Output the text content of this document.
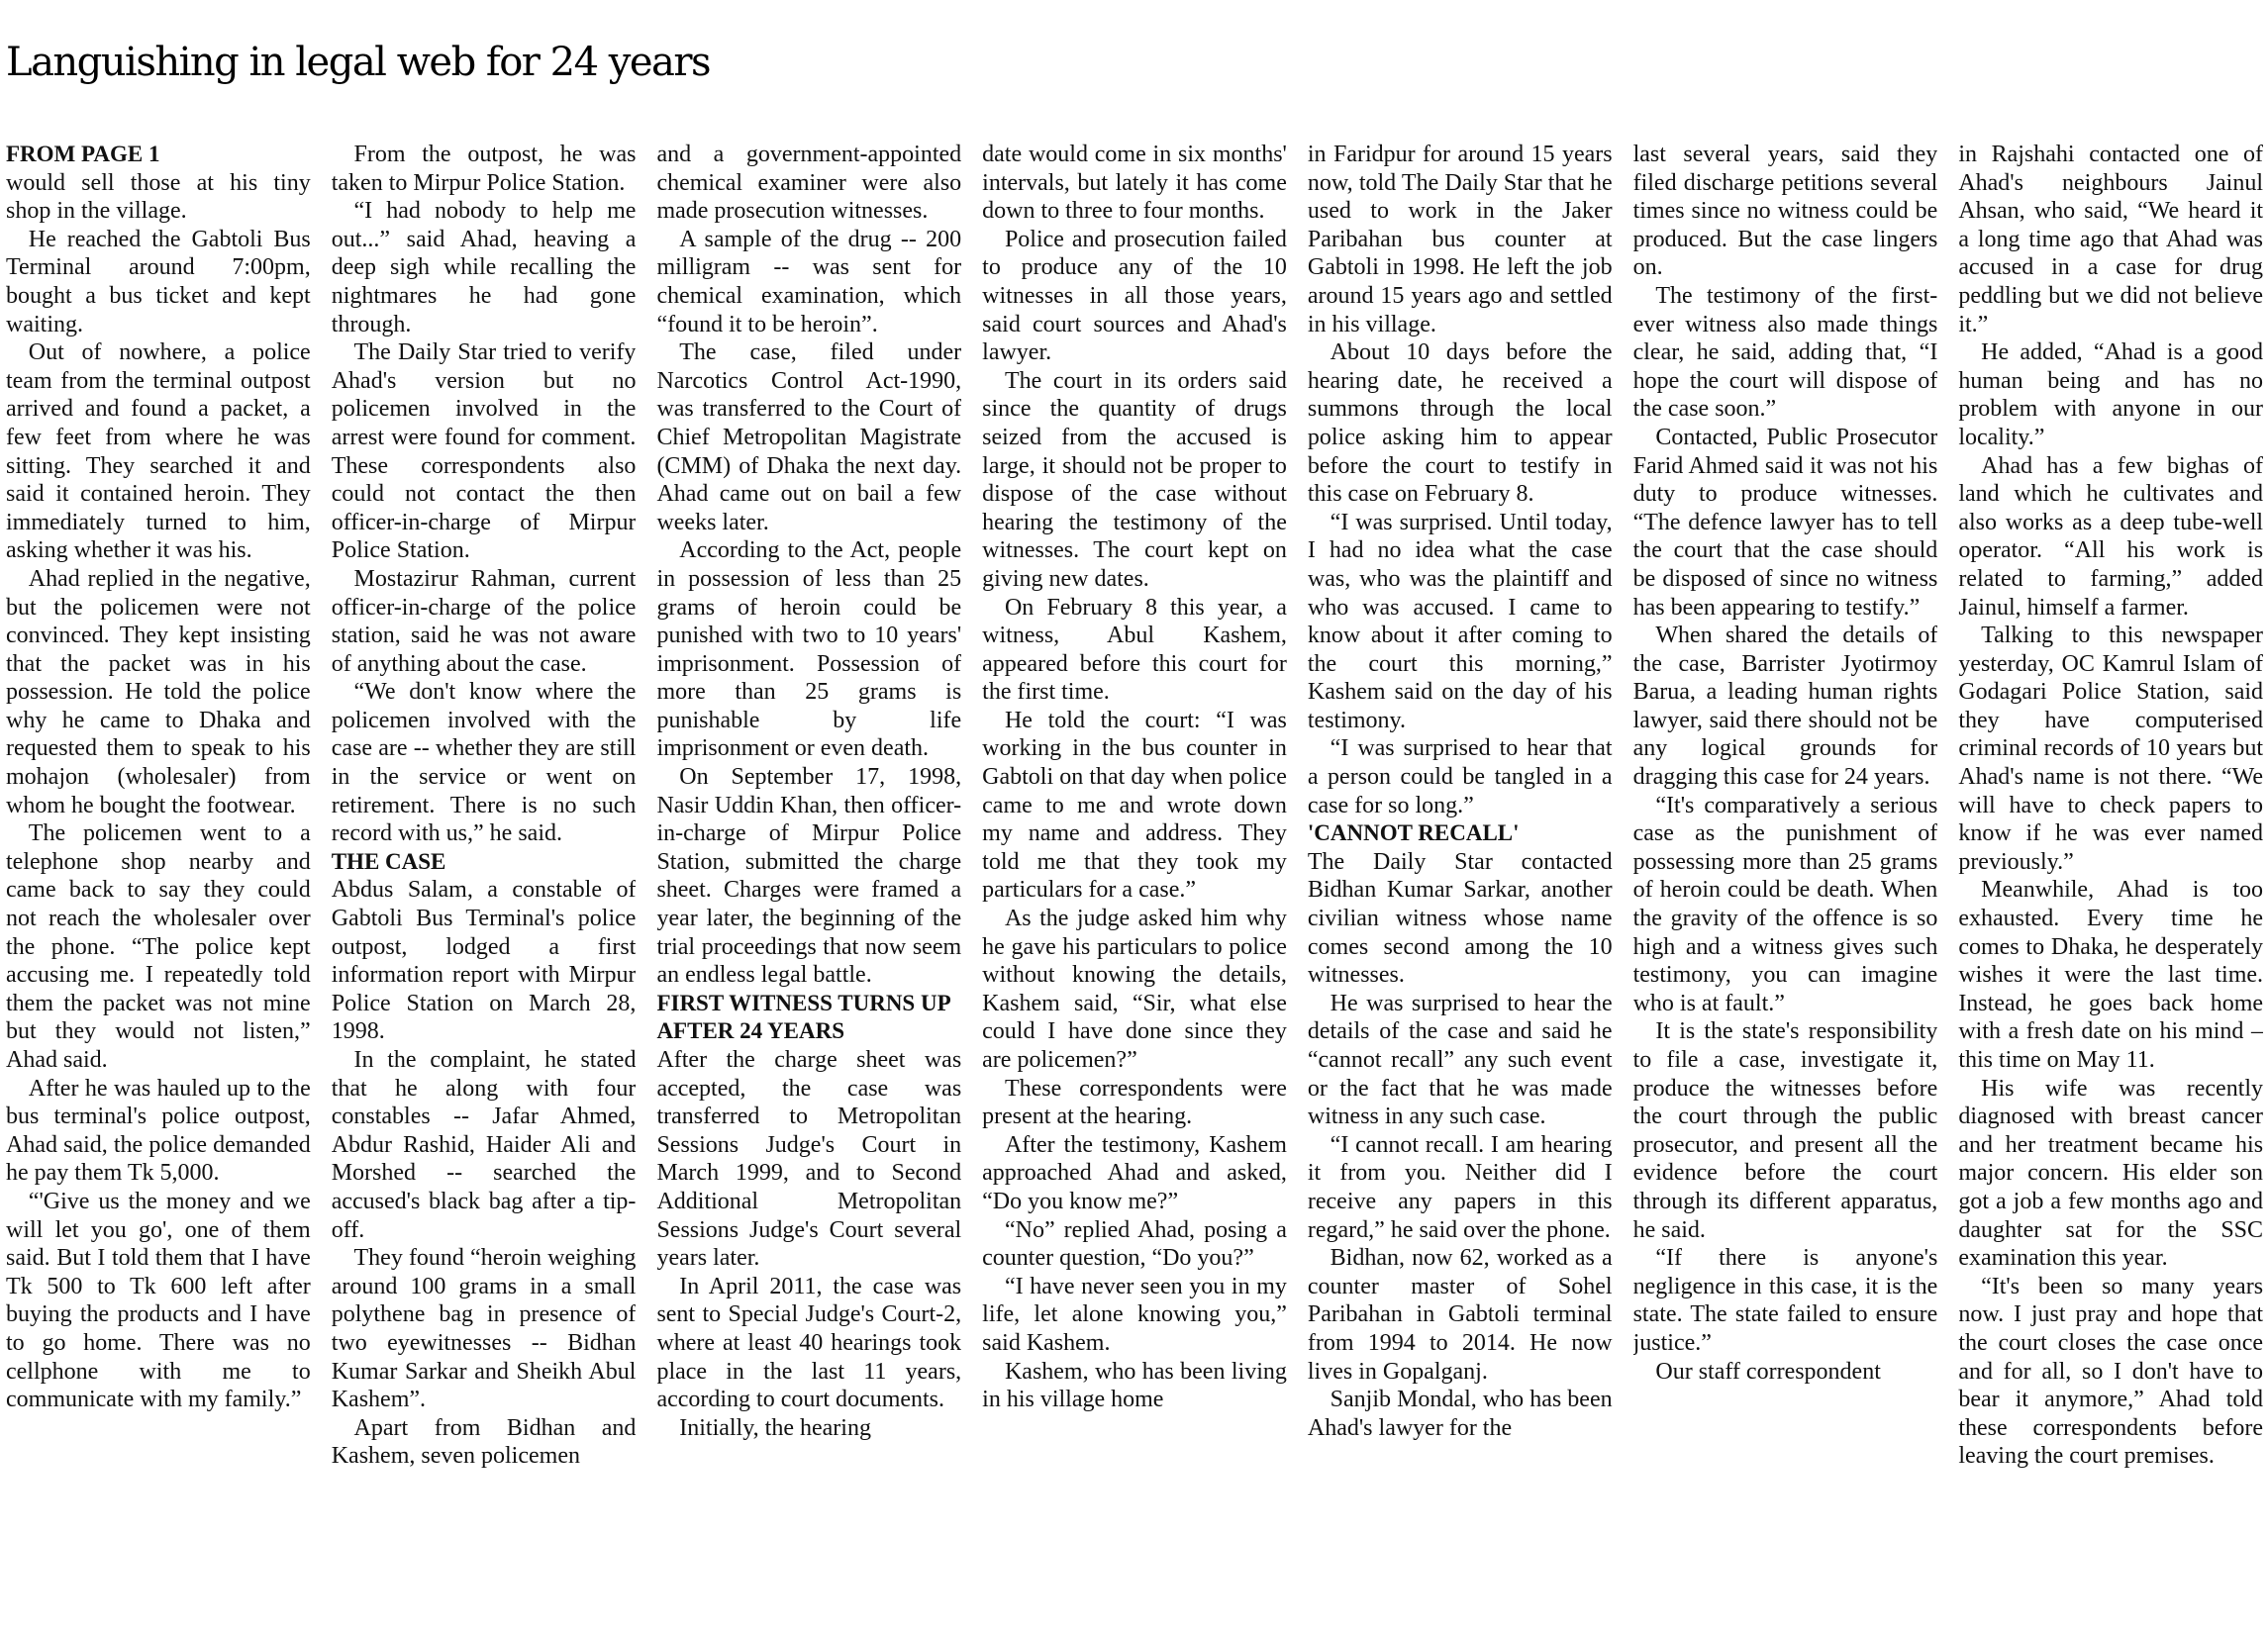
Languishing in legal web for 24 years
FROM PAGE 1

would sell those at his tiny shop in the village.

He reached the Gabtoli Bus Terminal around 7:00pm, bought a bus ticket and kept waiting.

Out of nowhere, a police team from the terminal outpost arrived and found a packet, a few feet from where he was sitting. They searched it and said it contained heroin. They immediately turned to him, asking whether it was his.

Ahad replied in the negative, but the policemen were not convinced. They kept insisting that the packet was in his possession. He told the police why he came to Dhaka and requested them to speak to his mohajon (wholesaler) from whom he bought the footwear.

The policemen went to a telephone shop nearby and came back to say they could not reach the wholesaler over the phone. “The police kept accusing me. I repeatedly told them the packet was not mine but they would not listen,” Ahad said.

After he was hauled up to the bus terminal's police outpost, Ahad said, the police demanded he pay them Tk 5,000.

“'Give us the money and we will let you go', one of them said. But I told them that I have Tk 500 to Tk 600 left after buying the products and I have to go home. There was no cellphone with me to communicate with my family.”

From the outpost, he was taken to Mirpur Police Station.

“I had nobody to help me out...” said Ahad, heaving a deep sigh while recalling the nightmares he had gone through.

The Daily Star tried to verify Ahad's version but no policemen involved in the arrest were found for comment. These correspondents also could not contact the then officer-in-charge of Mirpur Police Station.

Mostazirur Rahman, current officer-in-charge of the police station, said he was not aware of anything about the case.

“We don't know where the policemen involved with the case are -- whether they are still in the service or went on retirement. There is no such record with us,” he said.

THE CASE

Abdus Salam, a constable of Gabtoli Bus Terminal's police outpost, lodged a first information report with Mirpur Police Station on March 28, 1998.

In the complaint, he stated that he along with four constables -- Jafar Ahmed, Abdur Rashid, Haider Ali and Morshed -- searched the accused's black bag after a tip-off.

They found “heroin weighing around 100 grams in a small polythene bag in presence of two eyewitnesses -- Bidhan Kumar Sarkar and Sheikh Abul Kashem”.

Apart from Bidhan and Kashem, seven policemen

and a government-appointed chemical examiner were also made prosecution witnesses.

A sample of the drug -- 200 milligram -- was sent for chemical examination, which “found it to be heroin”.

The case, filed under Narcotics Control Act-1990, was transferred to the Court of Chief Metropolitan Magistrate (CMM) of Dhaka the next day. Ahad came out on bail a few weeks later.

According to the Act, people in possession of less than 25 grams of heroin could be punished with two to 10 years' imprisonment. Possession of more than 25 grams is punishable by life imprisonment or even death.

On September 17, 1998, Nasir Uddin Khan, then officer-in-charge of Mirpur Police Station, submitted the charge sheet. Charges were framed a year later, the beginning of the trial proceedings that now seem an endless legal battle.

FIRST WITNESS TURNS UP AFTER 24 YEARS

After the charge sheet was accepted, the case was transferred to Metropolitan Sessions Judge's Court in March 1999, and to Second Additional Metropolitan Sessions Judge's Court several years later.

In April 2011, the case was sent to Special Judge's Court-2, where at least 40 hearings took place in the last 11 years, according to court documents.

Initially, the hearing

date would come in six months' intervals, but lately it has come down to three to four months.

Police and prosecution failed to produce any of the 10 witnesses in all those years, said court sources and Ahad's lawyer.

The court in its orders said since the quantity of drugs seized from the accused is large, it should not be proper to dispose of the case without hearing the testimony of the witnesses. The court kept on giving new dates.

On February 8 this year, a witness, Abul Kashem, appeared before this court for the first time.

He told the court: “I was working in the bus counter in Gabtoli on that day when police came to me and wrote down my name and address. They told me that they took my particulars for a case.”

As the judge asked him why he gave his particulars to police without knowing the details, Kashem said, “Sir, what else could I have done since they are policemen?”

These correspondents were present at the hearing.

After the testimony, Kashem approached Ahad and asked, “Do you know me?”

“No” replied Ahad, posing a counter question, “Do you?”

“I have never seen you in my life, let alone knowing you,” said Kashem.

Kashem, who has been living in his village home

in Faridpur for around 15 years now, told The Daily Star that he used to work in the Jaker Paribahan bus counter at Gabtoli in 1998. He left the job around 15 years ago and settled in his village.

About 10 days before the hearing date, he received a summons through the local police asking him to appear before the court to testify in this case on February 8.

“I was surprised. Until today, I had no idea what the case was, who was the plaintiff and who was accused. I came to know about it after coming to the court this morning,” Kashem said on the day of his testimony.

“I was surprised to hear that a person could be tangled in a case for so long.”

'CANNOT RECALL'

The Daily Star contacted Bidhan Kumar Sarkar, another civilian witness whose name comes second among the 10 witnesses.

He was surprised to hear the details of the case and said he “cannot recall” any such event or the fact that he was made witness in any such case.

“I cannot recall. I am hearing it from you. Neither did I receive any papers in this regard,” he said over the phone.

Bidhan, now 62, worked as a counter master of Sohel Paribahan in Gabtoli terminal from 1994 to 2014. He now lives in Gopalganj.

Sanjib Mondal, who has been Ahad's lawyer for the

last several years, said they filed discharge petitions several times since no witness could be produced. But the case lingers on.

The testimony of the first-ever witness also made things clear, he said, adding that, “I hope the court will dispose of the case soon.”

Contacted, Public Prosecutor Farid Ahmed said it was not his duty to produce witnesses. “The defence lawyer has to tell the court that the case should be disposed of since no witness has been appearing to testify.”

When shared the details of the case, Barrister Jyotirmoy Barua, a leading human rights lawyer, said there should not be any logical grounds for dragging this case for 24 years.

“It's comparatively a serious case as the punishment of possessing more than 25 grams of heroin could be death. When the gravity of the offence is so high and a witness gives such testimony, you can imagine who is at fault.”

It is the state's responsibility to file a case, investigate it, produce the witnesses before the court through the public prosecutor, and present all the evidence before the court through its different apparatus, he said.

“If there is anyone's negligence in this case, it is the state. The state failed to ensure justice.”

Our staff correspondent

in Rajshahi contacted one of Ahad's neighbours Jainul Ahsan, who said, “We heard it a long time ago that Ahad was accused in a case for drug peddling but we did not believe it.”

He added, “Ahad is a good human being and has no problem with anyone in our locality.”

Ahad has a few bighas of land which he cultivates and also works as a deep tube-well operator. “All his work is related to farming,” added Jainul, himself a farmer.

Talking to this newspaper yesterday, OC Kamrul Islam of Godagari Police Station, said they have computerised criminal records of 10 years but Ahad's name is not there. “We will have to check papers to know if he was ever named previously.”

Meanwhile, Ahad is too exhausted. Every time he comes to Dhaka, he desperately wishes it were the last time. Instead, he goes back home with a fresh date on his mind – this time on May 11.

His wife was recently diagnosed with breast cancer and her treatment became his major concern. His elder son got a job a few months ago and daughter sat for the SSC examination this year.

“It's been so many years now. I just pray and hope that the court closes the case once and for all, so I don't have to bear it anymore,” Ahad told these correspondents before leaving the court premises.
